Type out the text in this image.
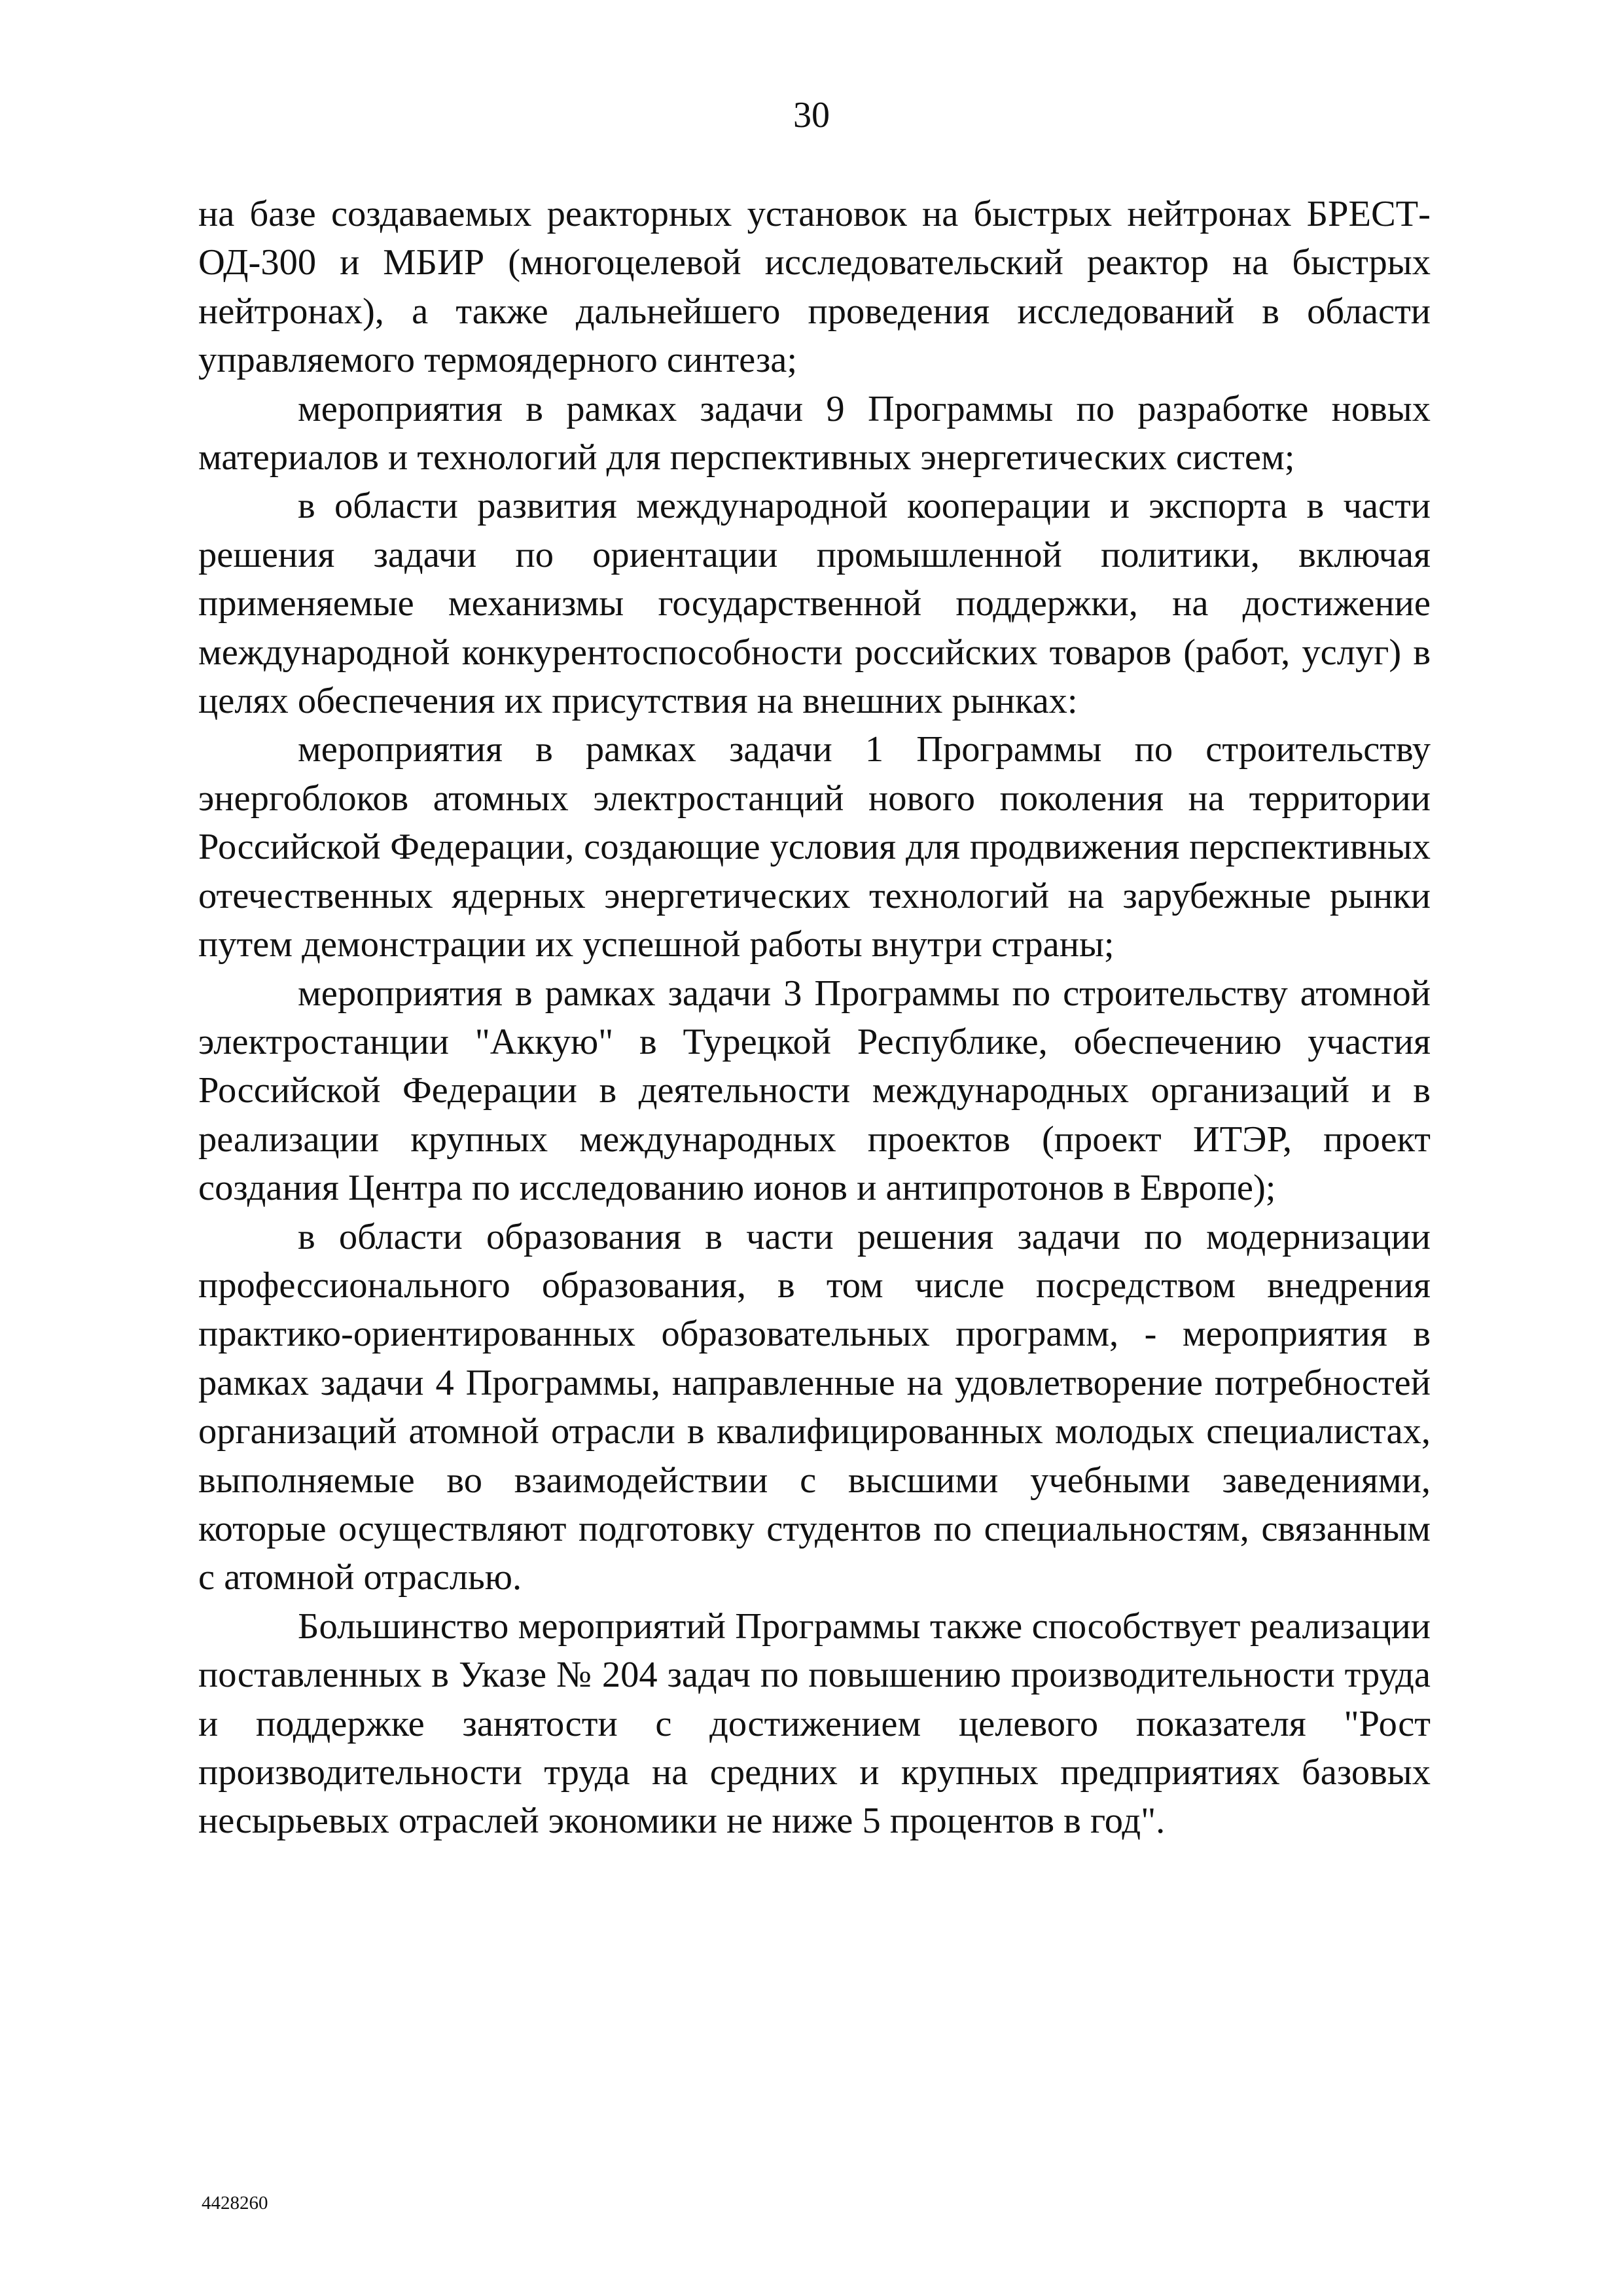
30

на базе создаваемых реакторных установок на быстрых нейтронах БРЕСТ-ОД-300 и МБИР (многоцелевой исследовательский реактор на быстрых нейтронах), а также дальнейшего проведения исследований в области управляемого термоядерного синтеза;

мероприятия в рамках задачи 9 Программы по разработке новых материалов и технологий для перспективных энергетических систем;

в области развития международной кооперации и экспорта в части решения задачи по ориентации промышленной политики, включая применяемые механизмы государственной поддержки, на достижение международной конкурентоспособности российских товаров (работ, услуг) в целях обеспечения их присутствия на внешних рынках:

мероприятия в рамках задачи 1 Программы по строительству энергоблоков атомных электростанций нового поколения на территории Российской Федерации, создающие условия для продвижения перспективных отечественных ядерных энергетических технологий на зарубежные рынки путем демонстрации их успешной работы внутри страны;

мероприятия в рамках задачи 3 Программы по строительству атомной электростанции "Аккую" в Турецкой Республике, обеспечению участия Российской Федерации в деятельности международных организаций и в реализации крупных международных проектов (проект ИТЭР, проект создания Центра по исследованию ионов и антипротонов в Европе);

в области образования в части решения задачи по модернизации профессионального образования, в том числе посредством внедрения практико-ориентированных образовательных программ, - мероприятия в рамках задачи 4 Программы, направленные на удовлетворение потребностей организаций атомной отрасли в квалифицированных молодых специалистах, выполняемые во взаимодействии с высшими учебными заведениями, которые осуществляют подготовку студентов по специальностям, связанным с атомной отраслью.

Большинство мероприятий Программы также способствует реализации поставленных в Указе № 204 задач по повышению производительности труда и поддержке занятости с достижением целевого показателя "Рост производительности труда на средних и крупных предприятиях базовых несырьевых отраслей экономики не ниже 5 процентов в год".

4428260
